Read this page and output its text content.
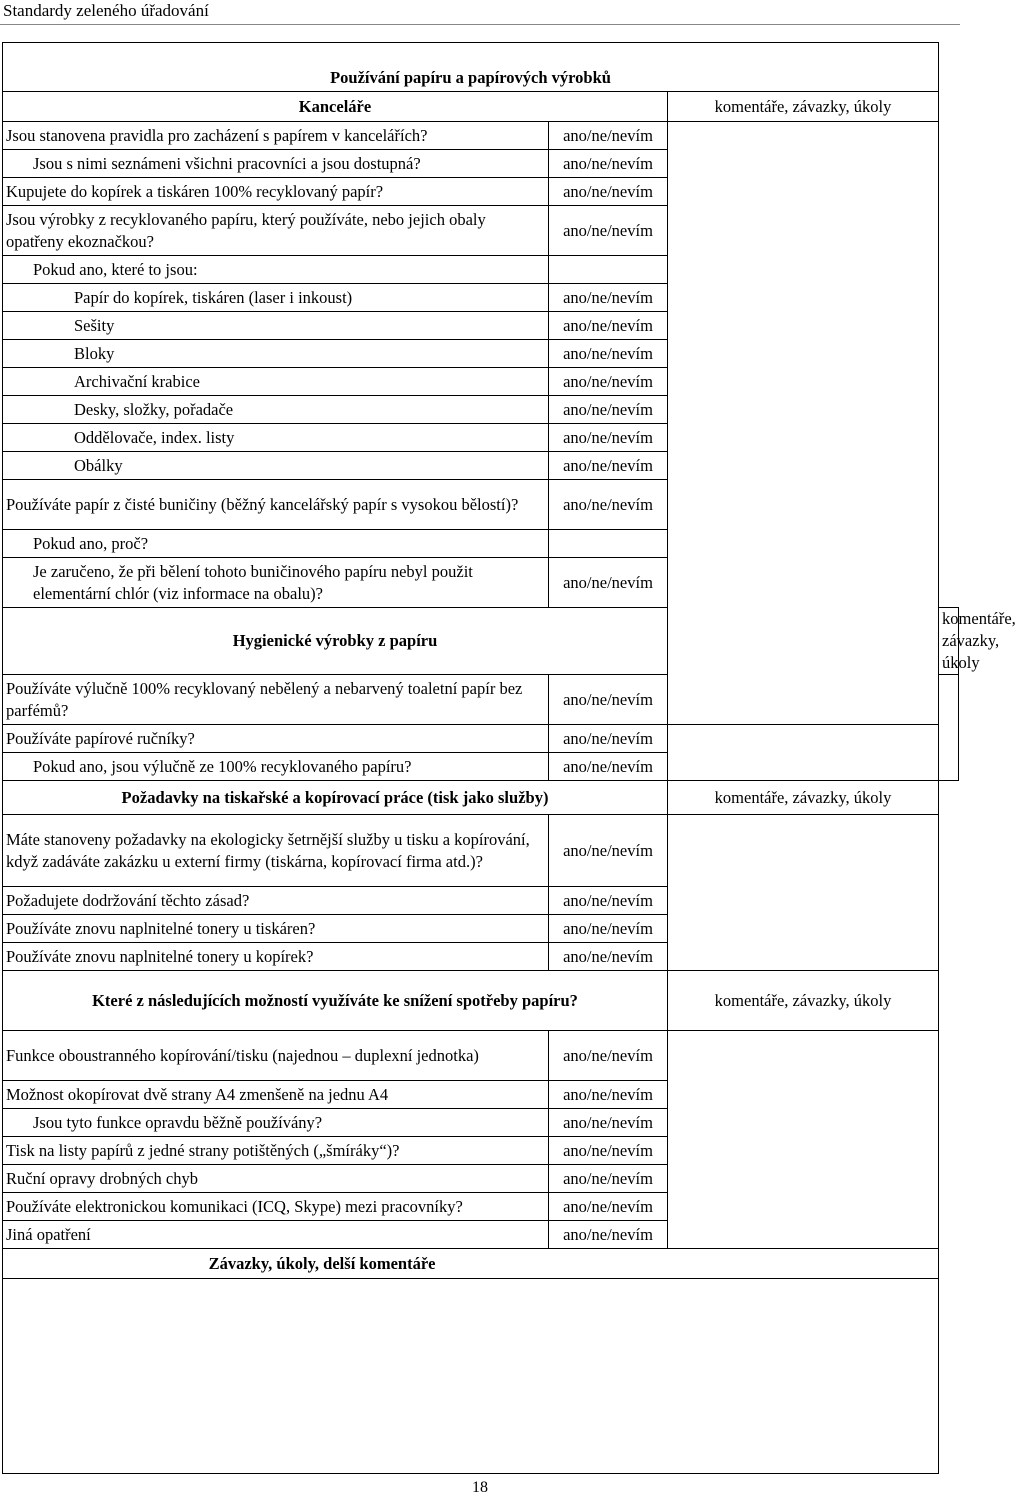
Standardy zeleného úřadování
Používání papíru a papírových výrobků			
Kanceláře		komentáře, závazky, úkoly	
Jsou stanovena pravidla pro zacházení s papírem v kancelářích?	ano/ne/nevím		
Jsou s nimi seznámeni všichni pracovníci a jsou dostupná?	ano/ne/nevím		
Kupujete do kopírek a tiskáren 100% recyklovaný papír?	ano/ne/nevím		
Jsou výrobky z recyklovaného papíru, který používáte, nebo jejich obaly opatřeny ekoznačkou?	ano/ne/nevím		
Pokud ano, které to jsou:			
Papír do kopírek, tiskáren (laser i inkoust)	ano/ne/nevím		
Sešity	ano/ne/nevím		
Bloky	ano/ne/nevím		
Archivační krabice	ano/ne/nevím		
Desky, složky, pořadače	ano/ne/nevím		
Oddělovače, index. listy	ano/ne/nevím		
Obálky	ano/ne/nevím		
Používáte papír z čisté buničiny (běžný kancelářský papír s vysokou bělostí)?	ano/ne/nevím		
Pokud ano, proč?			
Je zaručeno, že při bělení tohoto buničinového papíru nebyl použit elementární chlór (viz informace na obalu)?	ano/ne/nevím		
Hygienické výrobky z papíru			komentáře, závazky, úkoly
Používáte výlučně 100% recyklovaný nebělený a nebarvený toaletní papír bez parfémů?	ano/ne/nevím		
Používáte papírové ručníky?	ano/ne/nevím		
Pokud ano, jsou výlučně ze 100% recyklovaného papíru?	ano/ne/nevím		
Požadavky na tiskařské a kopírovací práce (tisk jako služby)		komentáře, závazky, úkoly	
Máte stanoveny požadavky na ekologicky šetrnější služby u tisku a kopírování, když zadáváte zakázku u externí firmy (tiskárna, kopírovací firma atd.)?	ano/ne/nevím		
Požadujete dodržování těchto zásad?	ano/ne/nevím		
Používáte znovu naplnitelné tonery u tiskáren?	ano/ne/nevím		
Používáte znovu naplnitelné tonery u kopírek?	ano/ne/nevím		
Které z následujících možností využíváte ke snížení spotřeby papíru?		komentáře, závazky, úkoly	
Funkce oboustranného kopírování/tisku (najednou – duplexní jednotka)	ano/ne/nevím		
Možnost okopírovat dvě strany A4 zmenšeně na jednu A4	ano/ne/nevím		
Jsou tyto funkce opravdu běžně používány?	ano/ne/nevím		
Tisk na listy papírů z jedné strany potištěných („šmíráky“)?	ano/ne/nevím		
Ruční opravy drobných chyb	ano/ne/nevím		
Používáte elektronickou komunikaci (ICQ, Skype) mezi pracovníky?	ano/ne/nevím		
Jiná opatření	ano/ne/nevím		
Závazky, úkoly, delší komentáře			

18
